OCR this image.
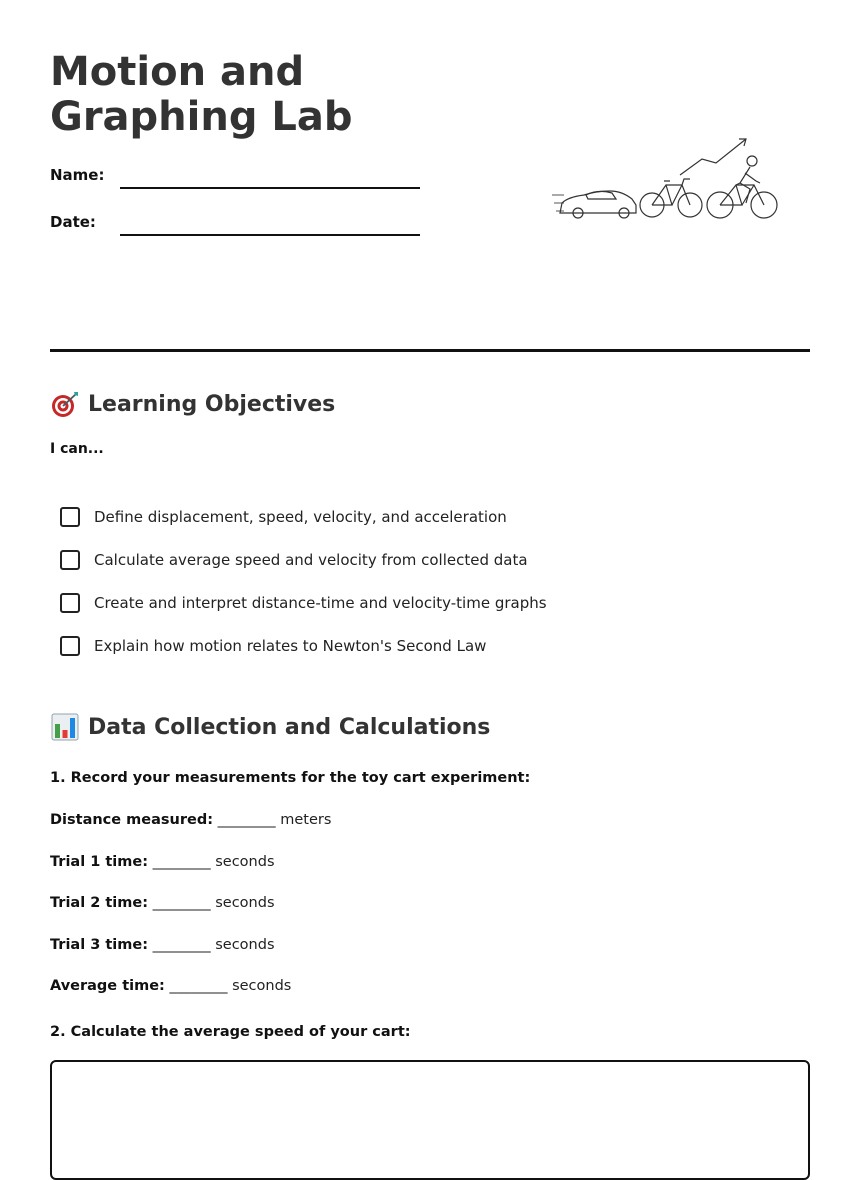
Motion and Graphing Lab
Name:
Date:
Learning Objectives
I can...
Define displacement, speed, velocity, and acceleration
Calculate average speed and velocity from collected data
Create and interpret distance-time and velocity-time graphs
Explain how motion relates to Newton's Second Law
Data Collection and Calculations
1. Record your measurements for the toy cart experiment:
Distance measured: ________ meters
Trial 1 time: ________ seconds
Trial 2 time: ________ seconds
Trial 3 time: ________ seconds
Average time: ________ seconds
2. Calculate the average speed of your cart:
